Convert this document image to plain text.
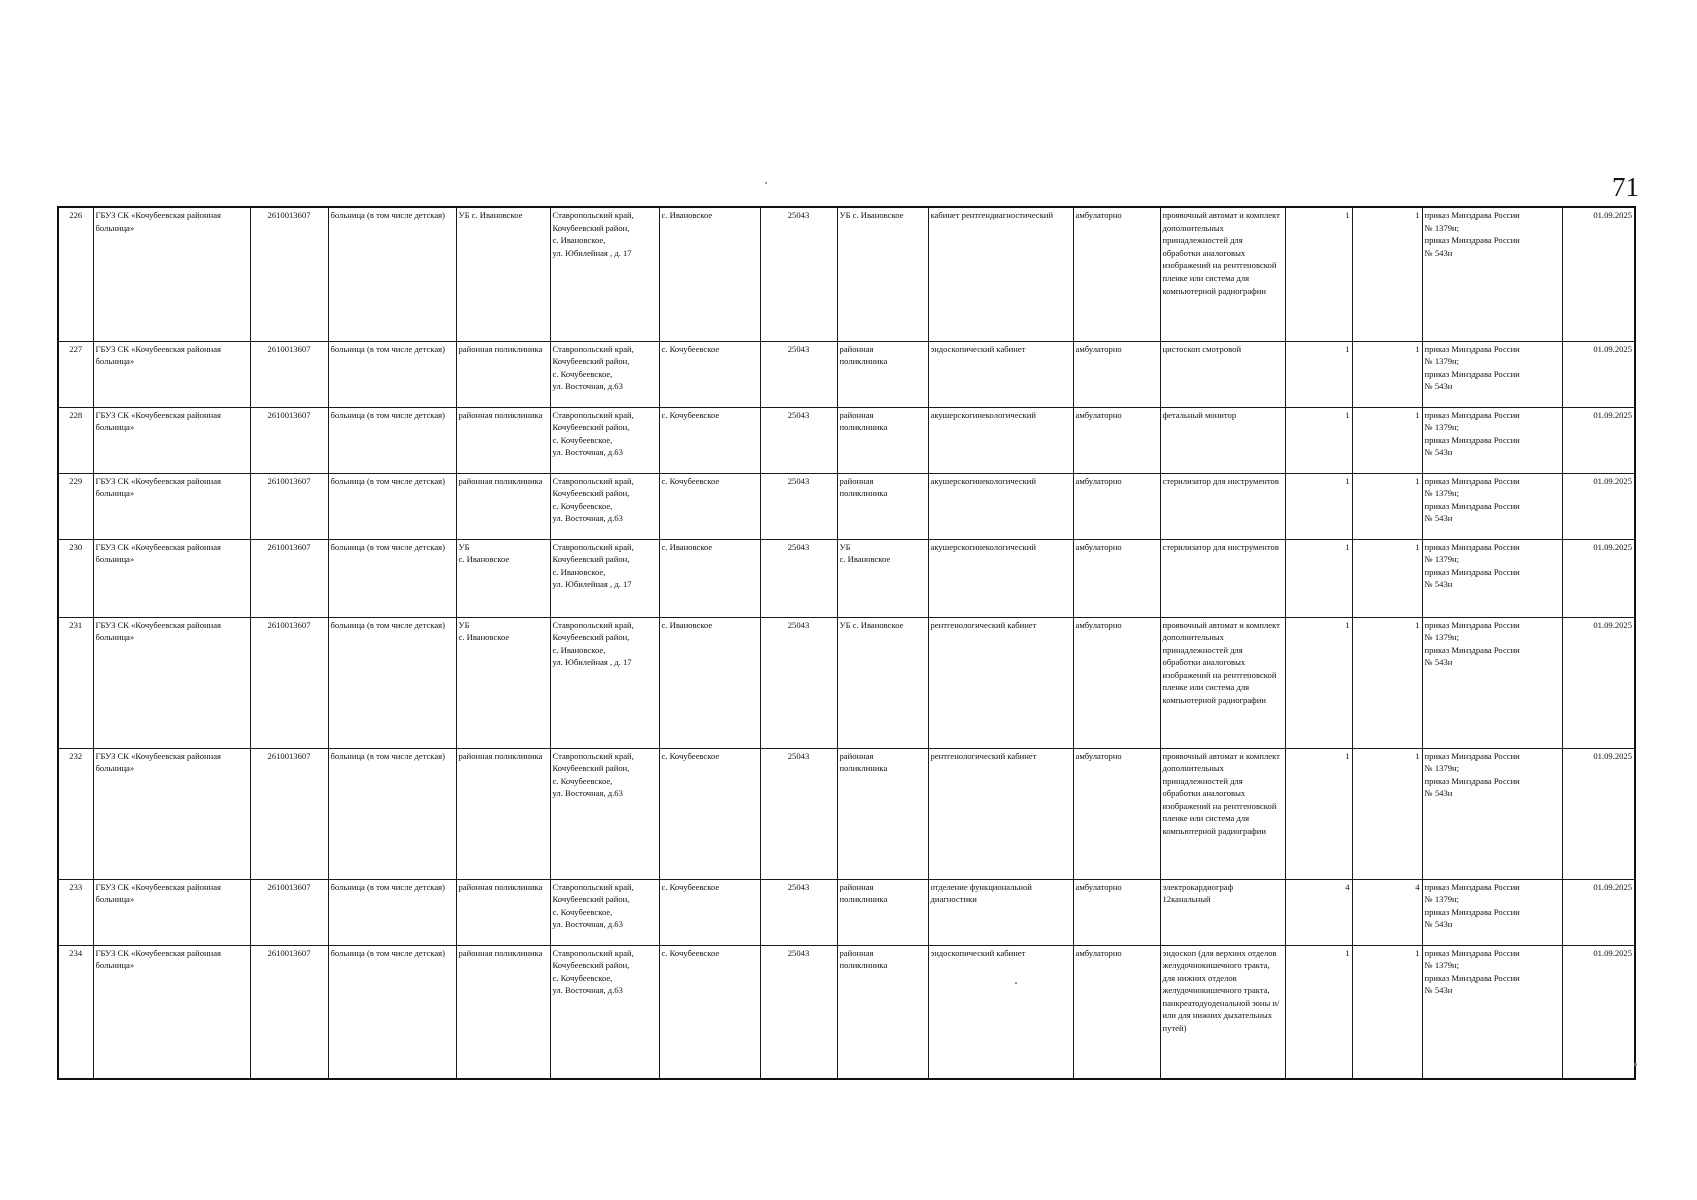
71
226	ГБУЗ СК «Кочубеевская районная больница»	2610013607	больница (в том числе детская)	УБ с. Ивановское	Ставропольский край,
Кочубеевский район,
с. Ивановское,
ул. Юбилейная , д. 17	с. Ивановское	25043	УБ с. Ивановское	кабинет рентгендиагностический	амбулаторно	проявочный автомат и комплект дополнительных принадлежностей для обработки аналоговых изображений на рентгеновской пленке или система для компьютерной радиографии	1	1	приказ Минздрава России
№ 1379н;
приказ Минздрава России
№ 543н	01.09.2025
227	ГБУЗ СК «Кочубеевская районная больница»	2610013607	больница (в том числе детская)	районная поликлиника	Ставропольский край,
Кочубеевский район,
с. Кочубеевское,
ул. Восточная, д.63	с. Кочубеевское	25043	районная
поликлиника	эндоскопический кабинет	амбулаторно	цистоскоп смотровой	1	1	приказ Минздрава России
№ 1379н;
приказ Минздрава России
№ 543н	01.09.2025
228	ГБУЗ СК «Кочубеевская районная больница»	2610013607	больница (в том числе детская)	районная поликлиника	Ставропольский край,
Кочубеевский район,
с. Кочубеевское,
ул. Восточная, д.63	с. Кочубеевское	25043	районная
поликлиника	акушерскогинекологический	амбулаторно	фетальный монитор	1	1	приказ Минздрава России
№ 1379н;
приказ Минздрава России
№ 543н	01.09.2025
229	ГБУЗ СК «Кочубеевская районная больница»	2610013607	больница (в том числе детская)	районная поликлиника	Ставропольский край,
Кочубеевский район,
с. Кочубеевское,
ул. Восточная, д.63	с. Кочубеевское	25043	районная
поликлиника	акушерскогинекологический	амбулаторно	стерилизатор для инструментов	1	1	приказ Минздрава России
№ 1379н;
приказ Минздрава России
№ 543н	01.09.2025
230	ГБУЗ СК «Кочубеевская районная больница»	2610013607	больница (в том числе детская)	УБ
с. Ивановское	Ставропольский край,
Кочубеевский район,
с. Ивановское,
ул. Юбилейная , д. 17	с. Ивановское	25043	УБ
с. Ивановское	акушерскогинекологический	амбулаторно	стерилизатор для инструментов	1	1	приказ Минздрава России
№ 1379н;
приказ Минздрава России
№ 543н	01.09.2025
231	ГБУЗ СК «Кочубеевская районная больница»	2610013607	больница (в том числе детская)	УБ
с. Ивановское	Ставропольский край,
Кочубеевский район,
с. Ивановское,
ул. Юбилейная , д. 17	с. Ивановское	25043	УБ с. Ивановское	рентгенологический кабинет	амбулаторно	проявочный автомат и комплект дополнительных принадлежностей для обработки аналоговых изображений на рентгеновской пленке или система для компьютерной радиографии	1	1	приказ Минздрава России
№ 1379н;
приказ Минздрава России
№ 543н	01.09.2025
232	ГБУЗ СК «Кочубеевская районная больница»	2610013607	больница (в том числе детская)	районная поликлиника	Ставропольский край,
Кочубеевский район,
с. Кочубеевское,
ул. Восточная, д.63	с. Кочубеевское	25043	районная
поликлиника	рентгенологический кабинет	амбулаторно	проявочный автомат и комплект дополнительных принадлежностей для обработки аналоговых изображений на рентгеновской пленке или система для компьютерной радиографии	1	1	приказ Минздрава России
№ 1379н;
приказ Минздрава России
№ 543н	01.09.2025
233	ГБУЗ СК «Кочубеевская районная больница»	2610013607	больница (в том числе детская)	районная поликлиника	Ставропольский край,
Кочубеевский район,
с. Кочубеевское,
ул. Восточная, д.63	с. Кочубеевское	25043	районная
поликлиника	отделение функциональной диагностики	амбулаторно	электрокардиограф 12канальный	4	4	приказ Минздрава России
№ 1379н;
приказ Минздрава России
№ 543н	01.09.2025
234	ГБУЗ СК «Кочубеевская районная больница»	2610013607	больница (в том числе детская)	районная поликлиника	Ставропольский край,
Кочубеевский район,
с. Кочубеевское,
ул. Восточная, д.63	с. Кочубеевское	25043	районная
поликлиника	эндоскопический кабинет	амбулаторно	эндоскоп (для верхних отделов желудочнокишечного тракта, для нижних отделов желудочнокишечного тракта, панкреатодуоденальной зоны и/или для нижних дыхательных путей)	1	1	приказ Минздрава России
№ 1379н;
приказ Минздрава России
№ 543н	01.09.2025
